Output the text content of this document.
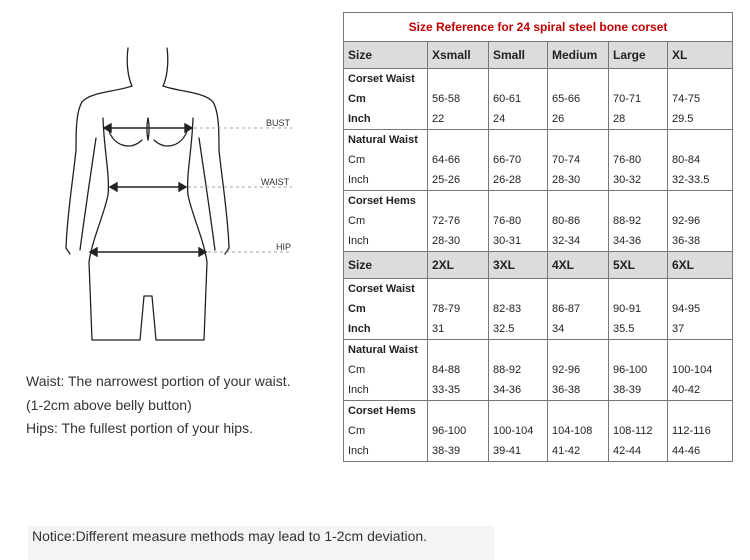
BUST
WAIST
HIP
Waist: The narrowest portion of your waist.
(1-2cm above belly button)
Hips: The fullest portion of your hips.
Notice:Different measure methods may lead to 1-2cm deviation.
Size Reference for 24 spiral steel bone corset					
Size	Xsmall	Small	Medium	Large	XL
Corset Waist					
Cm	56-58	60-61	65-66	70-71	74-75
Inch	22	24	26	28	29.5
Natural Waist					
Cm	64-66	66-70	70-74	76-80	80-84
Inch	25-26	26-28	28-30	30-32	32-33.5
Corset Hems					
Cm	72-76	76-80	80-86	88-92	92-96
Inch	28-30	30-31	32-34	34-36	36-38
Size	2XL	3XL	4XL	5XL	6XL
Corset Waist					
Cm	78-79	82-83	86-87	90-91	94-95
Inch	31	32.5	34	35.5	37
Natural Waist					
Cm	84-88	88-92	92-96	96-100	100-104
Inch	33-35	34-36	36-38	38-39	40-42
Corset Hems					
Cm	96-100	100-104	104-108	108-112	112-116
Inch	38-39	39-41	41-42	42-44	44-46
